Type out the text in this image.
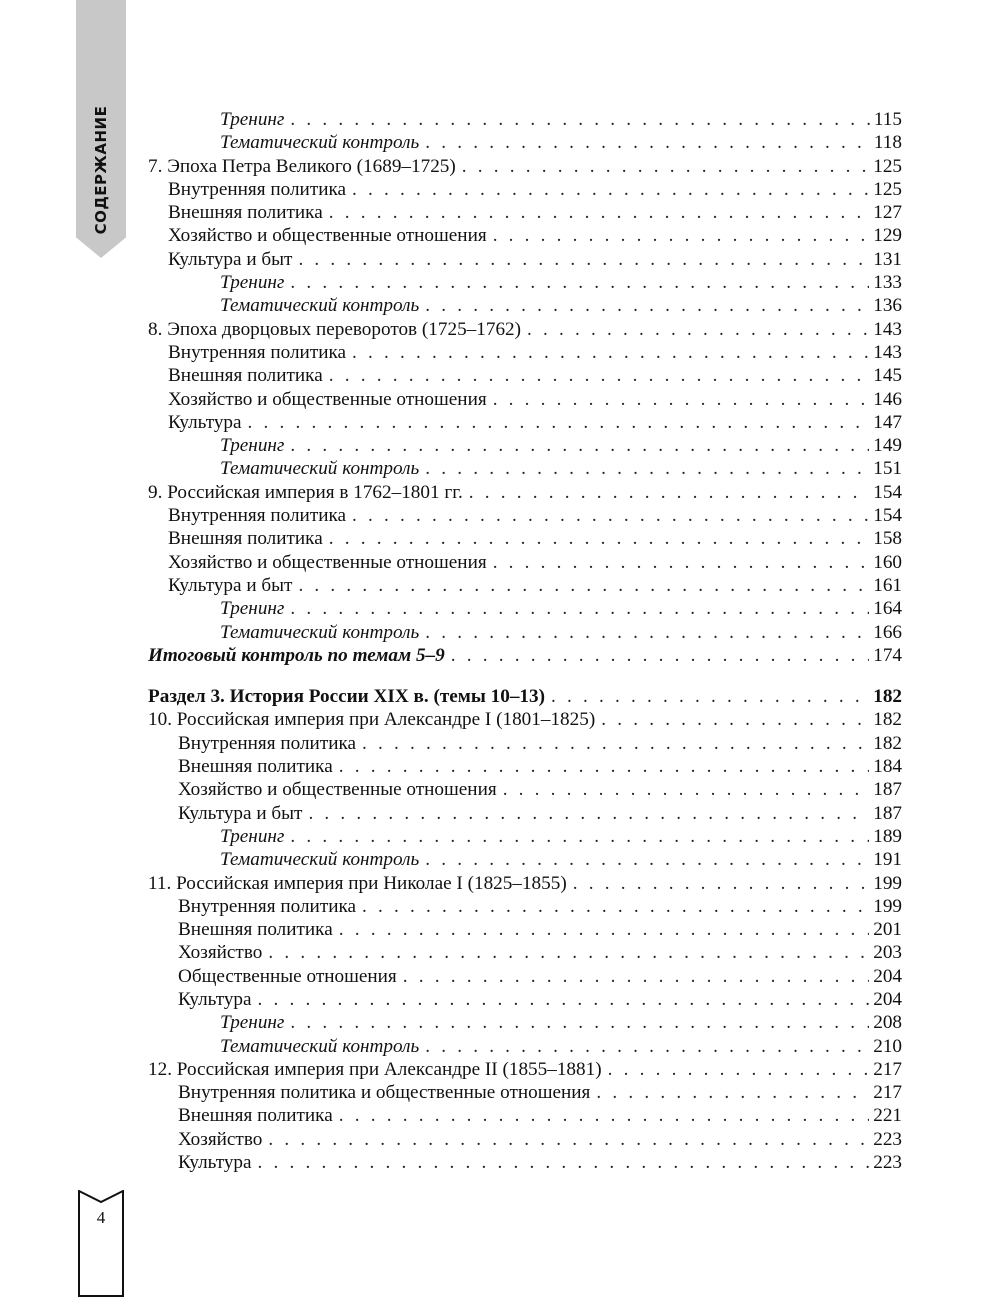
СОДЕРЖАНИЕ	Тренинг . . .	115
Тематический контроль . . .	118
7. Эпоха Петра Великого (1689–1725) . . .	125
Внутренняя политика . . .	125
Внешняя политика . . .	127
Хозяйство и общественные отношения . . .	129
Культура и быт . . .	131
Тренинг . . .	133
Тематический контроль . . .	136
8. Эпоха дворцовых переворотов (1725–1762) . . .	143
Внутренняя политика . . .	143
Внешняя политика . . .	145
Хозяйство и общественные отношения . . .	146
Культура . . .	147
Тренинг . . .	149
Тематический контроль . . .	151
9. Российская империя в 1762–1801 гг. . . .	154
Внутренняя политика . . .	154
Внешняя политика . . .	158
Хозяйство и общественные отношения . . .	160
Культура и быт . . .	161
Тренинг . . .	164
Тематический контроль . . .	166
Итоговый контроль по темам 5–9 . . .	174
Раздел 3. История России XIX в. (темы 10–13) . . .	182
10. Российская империя при Александре I (1801–1825) . . .	182
Внутренняя политика . . .	182
Внешняя политика . . .	184
Хозяйство и общественные отношения . . .	187
Культура и быт . . .	187
Тренинг . . .	189
Тематический контроль . . .	191
11. Российская империя при Николае I (1825–1855) . . .	199
Внутренняя политика . . .	199
Внешняя политика . . .	201
Хозяйство . . .	203
Общественные отношения . . .	204
Культура . . .	204
Тренинг . . .	208
Тематический контроль . . .	210
12. Российская империя при Александре II (1855–1881) . . .	217
Внутренняя политика и общественные отношения . . .	217
Внешняя политика . . .	221
Хозяйство . . .	223
Культура . . .	223
4
